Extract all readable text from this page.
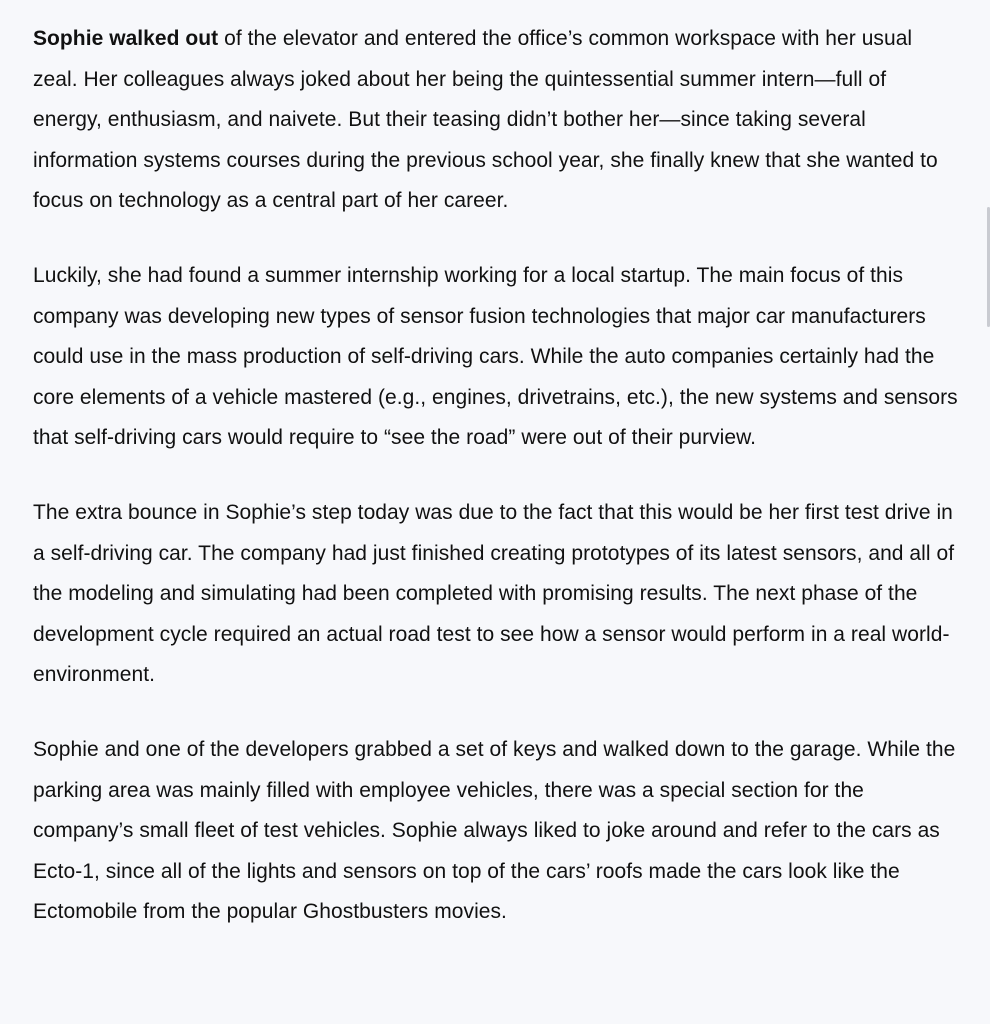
Sophie walked out of the elevator and entered the office’s common workspace with her usual zeal. Her colleagues always joked about her being the quintessential summer intern—full of energy, enthusiasm, and naivete. But their teasing didn’t bother her—since taking several information systems courses during the previous school year, she finally knew that she wanted to focus on technology as a central part of her career.

Luckily, she had found a summer internship working for a local startup. The main focus of this company was developing new types of sensor fusion technologies that major car manufacturers could use in the mass production of self-driving cars. While the auto companies certainly had the core elements of a vehicle mastered (e.g., engines, drivetrains, etc.), the new systems and sensors that self-driving cars would require to “see the road” were out of their purview.

The extra bounce in Sophie’s step today was due to the fact that this would be her first test drive in a self-driving car. The company had just finished creating prototypes of its latest sensors, and all of the modeling and simulating had been completed with promising results. The next phase of the development cycle required an actual road test to see how a sensor would perform in a real world-environment.

Sophie and one of the developers grabbed a set of keys and walked down to the garage. While the parking area was mainly filled with employee vehicles, there was a special section for the company’s small fleet of test vehicles. Sophie always liked to joke around and refer to the cars as Ecto-1, since all of the lights and sensors on top of the cars’ roofs made the cars look like the Ectomobile from the popular Ghostbusters movies.
